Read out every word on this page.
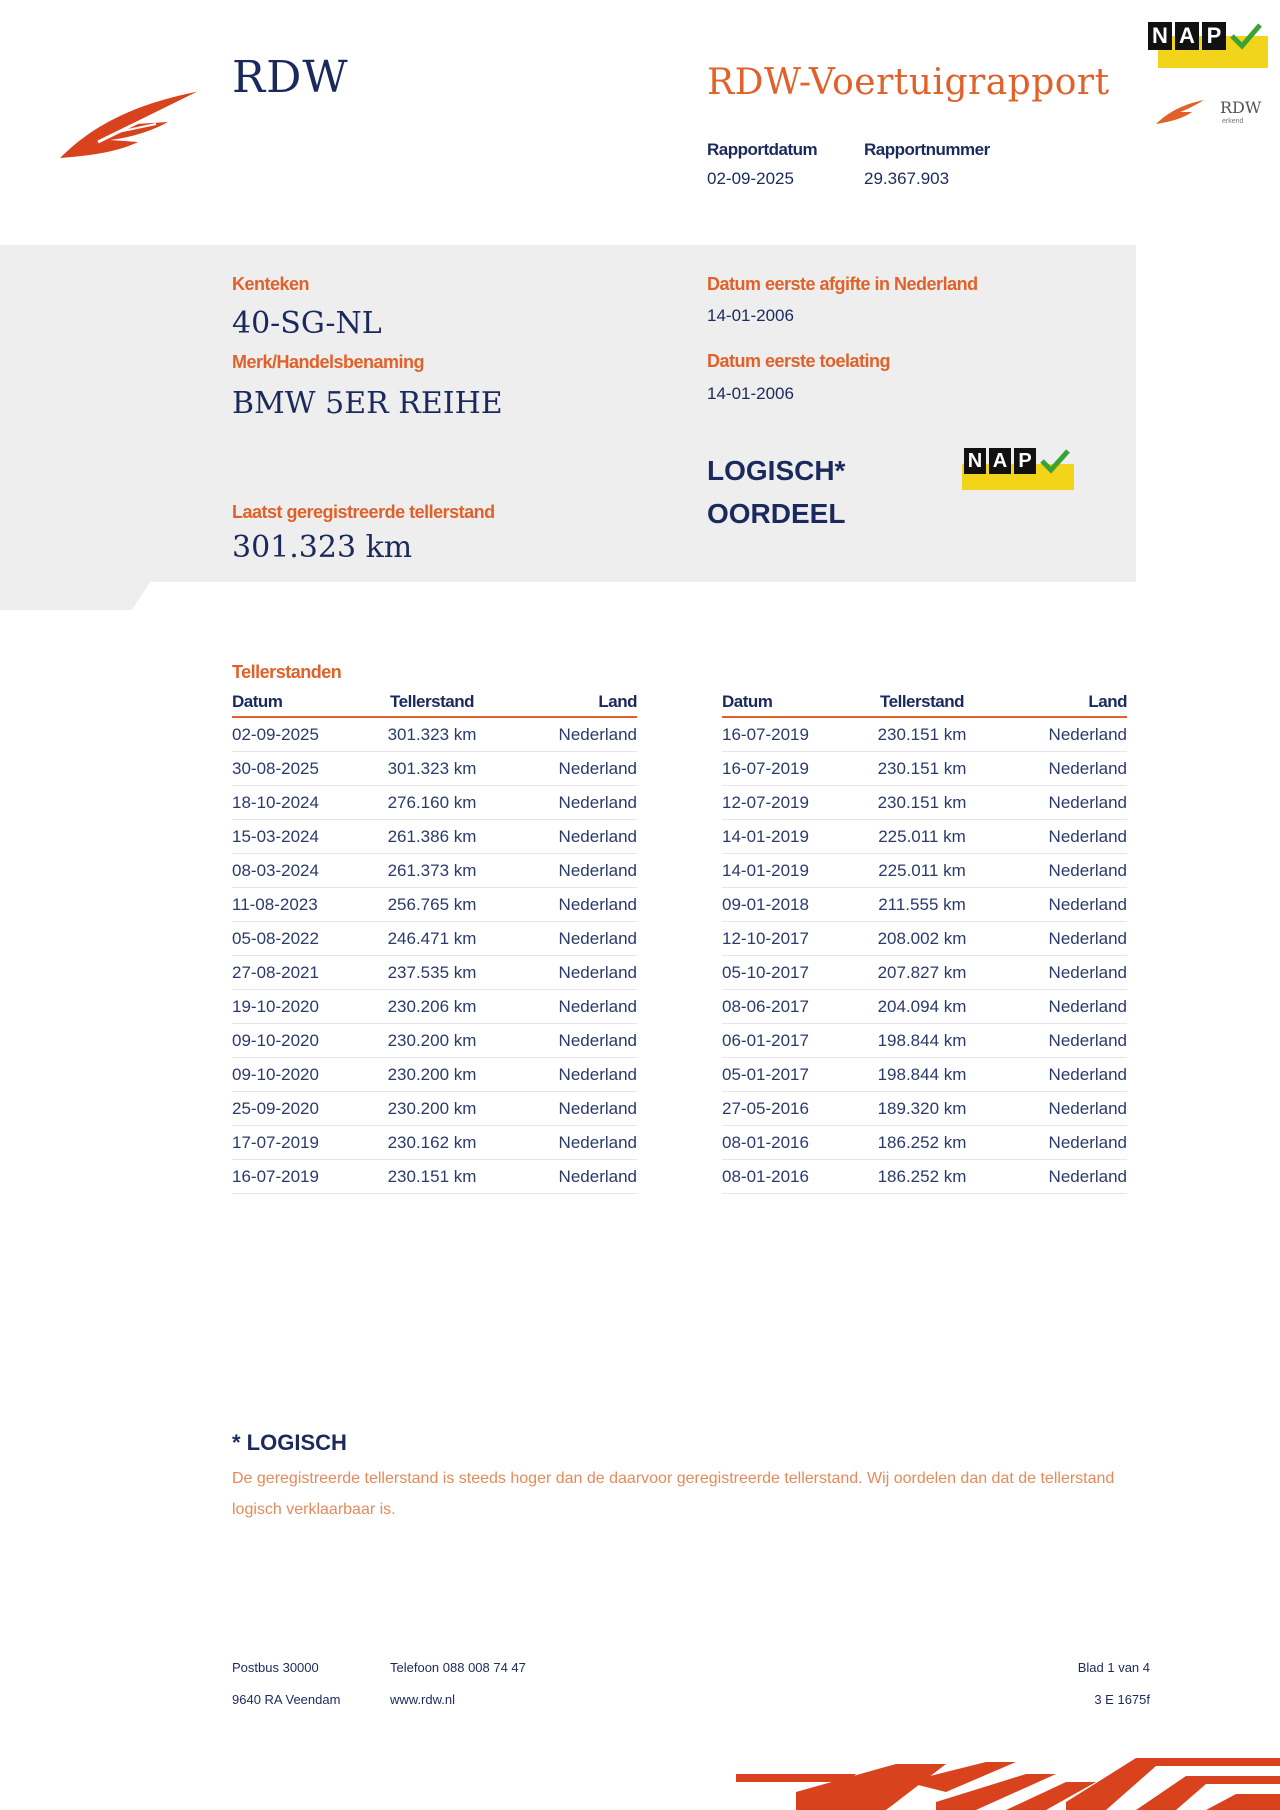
RDW	RDW-Voertuigrapport
Rapportdatum
02-09-2025
Rapportnummer
29.367.903
N A P
RDW
erkend
Kenteken
40-SG-NL
Merk/Handelsbenaming
BMW 5ER REIHE
Datum eerste afgifte in Nederland
14-01-2006
Datum eerste toelating
14-01-2006
LOGISCH*
OORDEEL
N A P
Laatst geregistreerde tellerstand
301.323 km
Tellerstanden
Datum	Tellerstand	Land
02-09-2025	301.323 km	Nederland
30-08-2025	301.323 km	Nederland
18-10-2024	276.160 km	Nederland
15-03-2024	261.386 km	Nederland
08-03-2024	261.373 km	Nederland
11-08-2023	256.765 km	Nederland
05-08-2022	246.471 km	Nederland
27-08-2021	237.535 km	Nederland
19-10-2020	230.206 km	Nederland
09-10-2020	230.200 km	Nederland
09-10-2020	230.200 km	Nederland
25-09-2020	230.200 km	Nederland
17-07-2019	230.162 km	Nederland
16-07-2019	230.151 km	Nederland
Datum	Tellerstand	Land
16-07-2019	230.151 km	Nederland
16-07-2019	230.151 km	Nederland
12-07-2019	230.151 km	Nederland
14-01-2019	225.011 km	Nederland
14-01-2019	225.011 km	Nederland
09-01-2018	211.555 km	Nederland
12-10-2017	208.002 km	Nederland
05-10-2017	207.827 km	Nederland
08-06-2017	204.094 km	Nederland
06-01-2017	198.844 km	Nederland
05-01-2017	198.844 km	Nederland
27-05-2016	189.320 km	Nederland
08-01-2016	186.252 km	Nederland
08-01-2016	186.252 km	Nederland
* LOGISCH
De geregistreerde tellerstand is steeds hoger dan de daarvoor geregistreerde tellerstand. Wij oordelen dan dat de tellerstand logisch verklaarbaar is.
Postbus 30000
9640 RA Veendam
Telefoon 088 008 74 47
www.rdw.nl
Blad 1 van 4
3 E 1675f
